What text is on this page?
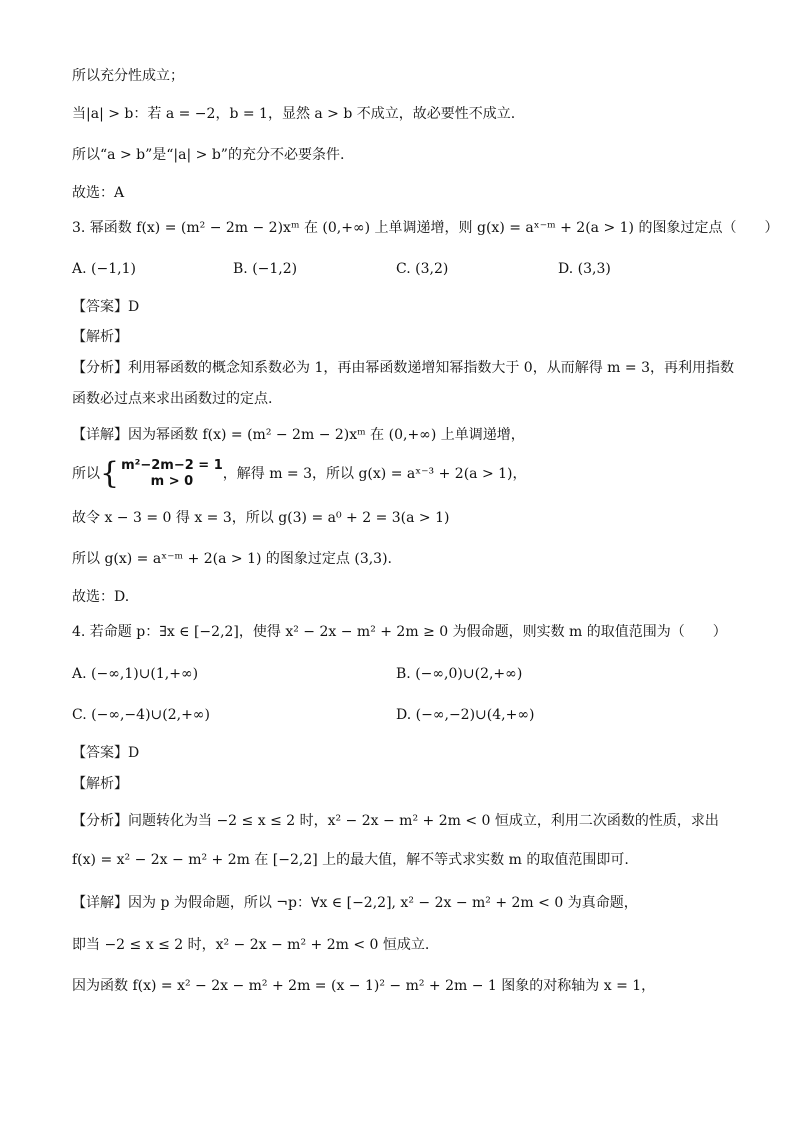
所以充分性成立；
当|a| > b：若 a = −2，b = 1，显然 a > b 不成立，故必要性不成立.
所以“a > b”是“|a| > b”的充分不必要条件.
故选：A
3. 幂函数 f(x) = (m² − 2m − 2)xᵐ 在 (0,+∞) 上单调递增，则 g(x) = aˣ⁻ᵐ + 2(a > 1) 的图象过定点（　　）
A. (−1,1)	B. (−1,2)	C. (3,2)	D. (3,3)
【答案】D
【解析】
【分析】利用幂函数的概念知系数必为 1，再由幂函数递增知幂指数大于 0，从而解得 m = 3，再利用指数
函数必过点来求出函数过的定点.
【详解】因为幂函数 f(x) = (m² − 2m − 2)xᵐ 在 (0,+∞) 上单调递增，
所以{ m²−2m−2 = 1
m > 0	，解得 m = 3，所以 g(x) = aˣ⁻³ + 2(a > 1)，
故令 x − 3 = 0 得 x = 3，所以 g(3) = a⁰ + 2 = 3(a > 1)
所以 g(x) = aˣ⁻ᵐ + 2(a > 1) 的图象过定点 (3,3).
故选：D.
4. 若命题 p：∃x ∈ [−2,2]，使得 x² − 2x − m² + 2m ≥ 0 为假命题，则实数 m 的取值范围为（　　）
A. (−∞,1)∪(1,+∞)	B. (−∞,0)∪(2,+∞)
C. (−∞,−4)∪(2,+∞)	D. (−∞,−2)∪(4,+∞)
【答案】D
【解析】
【分析】问题转化为当 −2 ≤ x ≤ 2 时，x² − 2x − m² + 2m < 0 恒成立，利用二次函数的性质，求出
f(x) = x² − 2x − m² + 2m 在 [−2,2] 上的最大值，解不等式求实数 m 的取值范围即可.
【详解】因为 p 为假命题，所以 ¬p：∀x ∈ [−2,2], x² − 2x − m² + 2m < 0 为真命题，
即当 −2 ≤ x ≤ 2 时，x² − 2x − m² + 2m < 0 恒成立.
因为函数 f(x) = x² − 2x − m² + 2m = (x − 1)² − m² + 2m − 1 图象的对称轴为 x = 1，
